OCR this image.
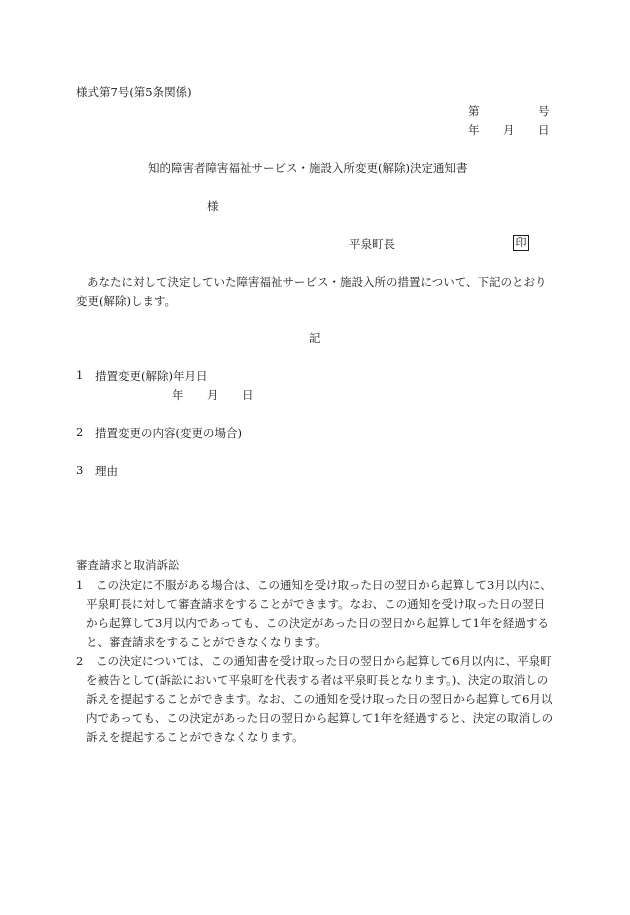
様式第7号(第5条関係)
第	号
年 月 日
知的障害者障害福祉サービス・施設入所変更(解除)決定通知書
様
平泉町長	印
あなたに対して決定していた障害福祉サービス・施設入所の措置について、下記のとおり変更(解除)します。
記
1 措置変更(解除)年月日
年 月 日
2 措置変更の内容(変更の場合)
3 理由
審査請求と取消訴訟
1	この決定に不服がある場合は、この通知を受け取った日の翌日から起算して3月以内に、平泉町長に対して審査請求をすることができます。なお、この通知を受け取った日の翌日から起算して3月以内であっても、この決定があった日の翌日から起算して1年を経過すると、審査請求をすることができなくなります。
2	この決定については、この通知書を受け取った日の翌日から起算して6月以内に、平泉町を被告として(訴訟において平泉町を代表する者は平泉町長となります。)、決定の取消しの訴えを提起することができます。なお、この通知を受け取った日の翌日から起算して6月以内であっても、この決定があった日の翌日から起算して1年を経過すると、決定の取消しの訴えを提起することができなくなります。
